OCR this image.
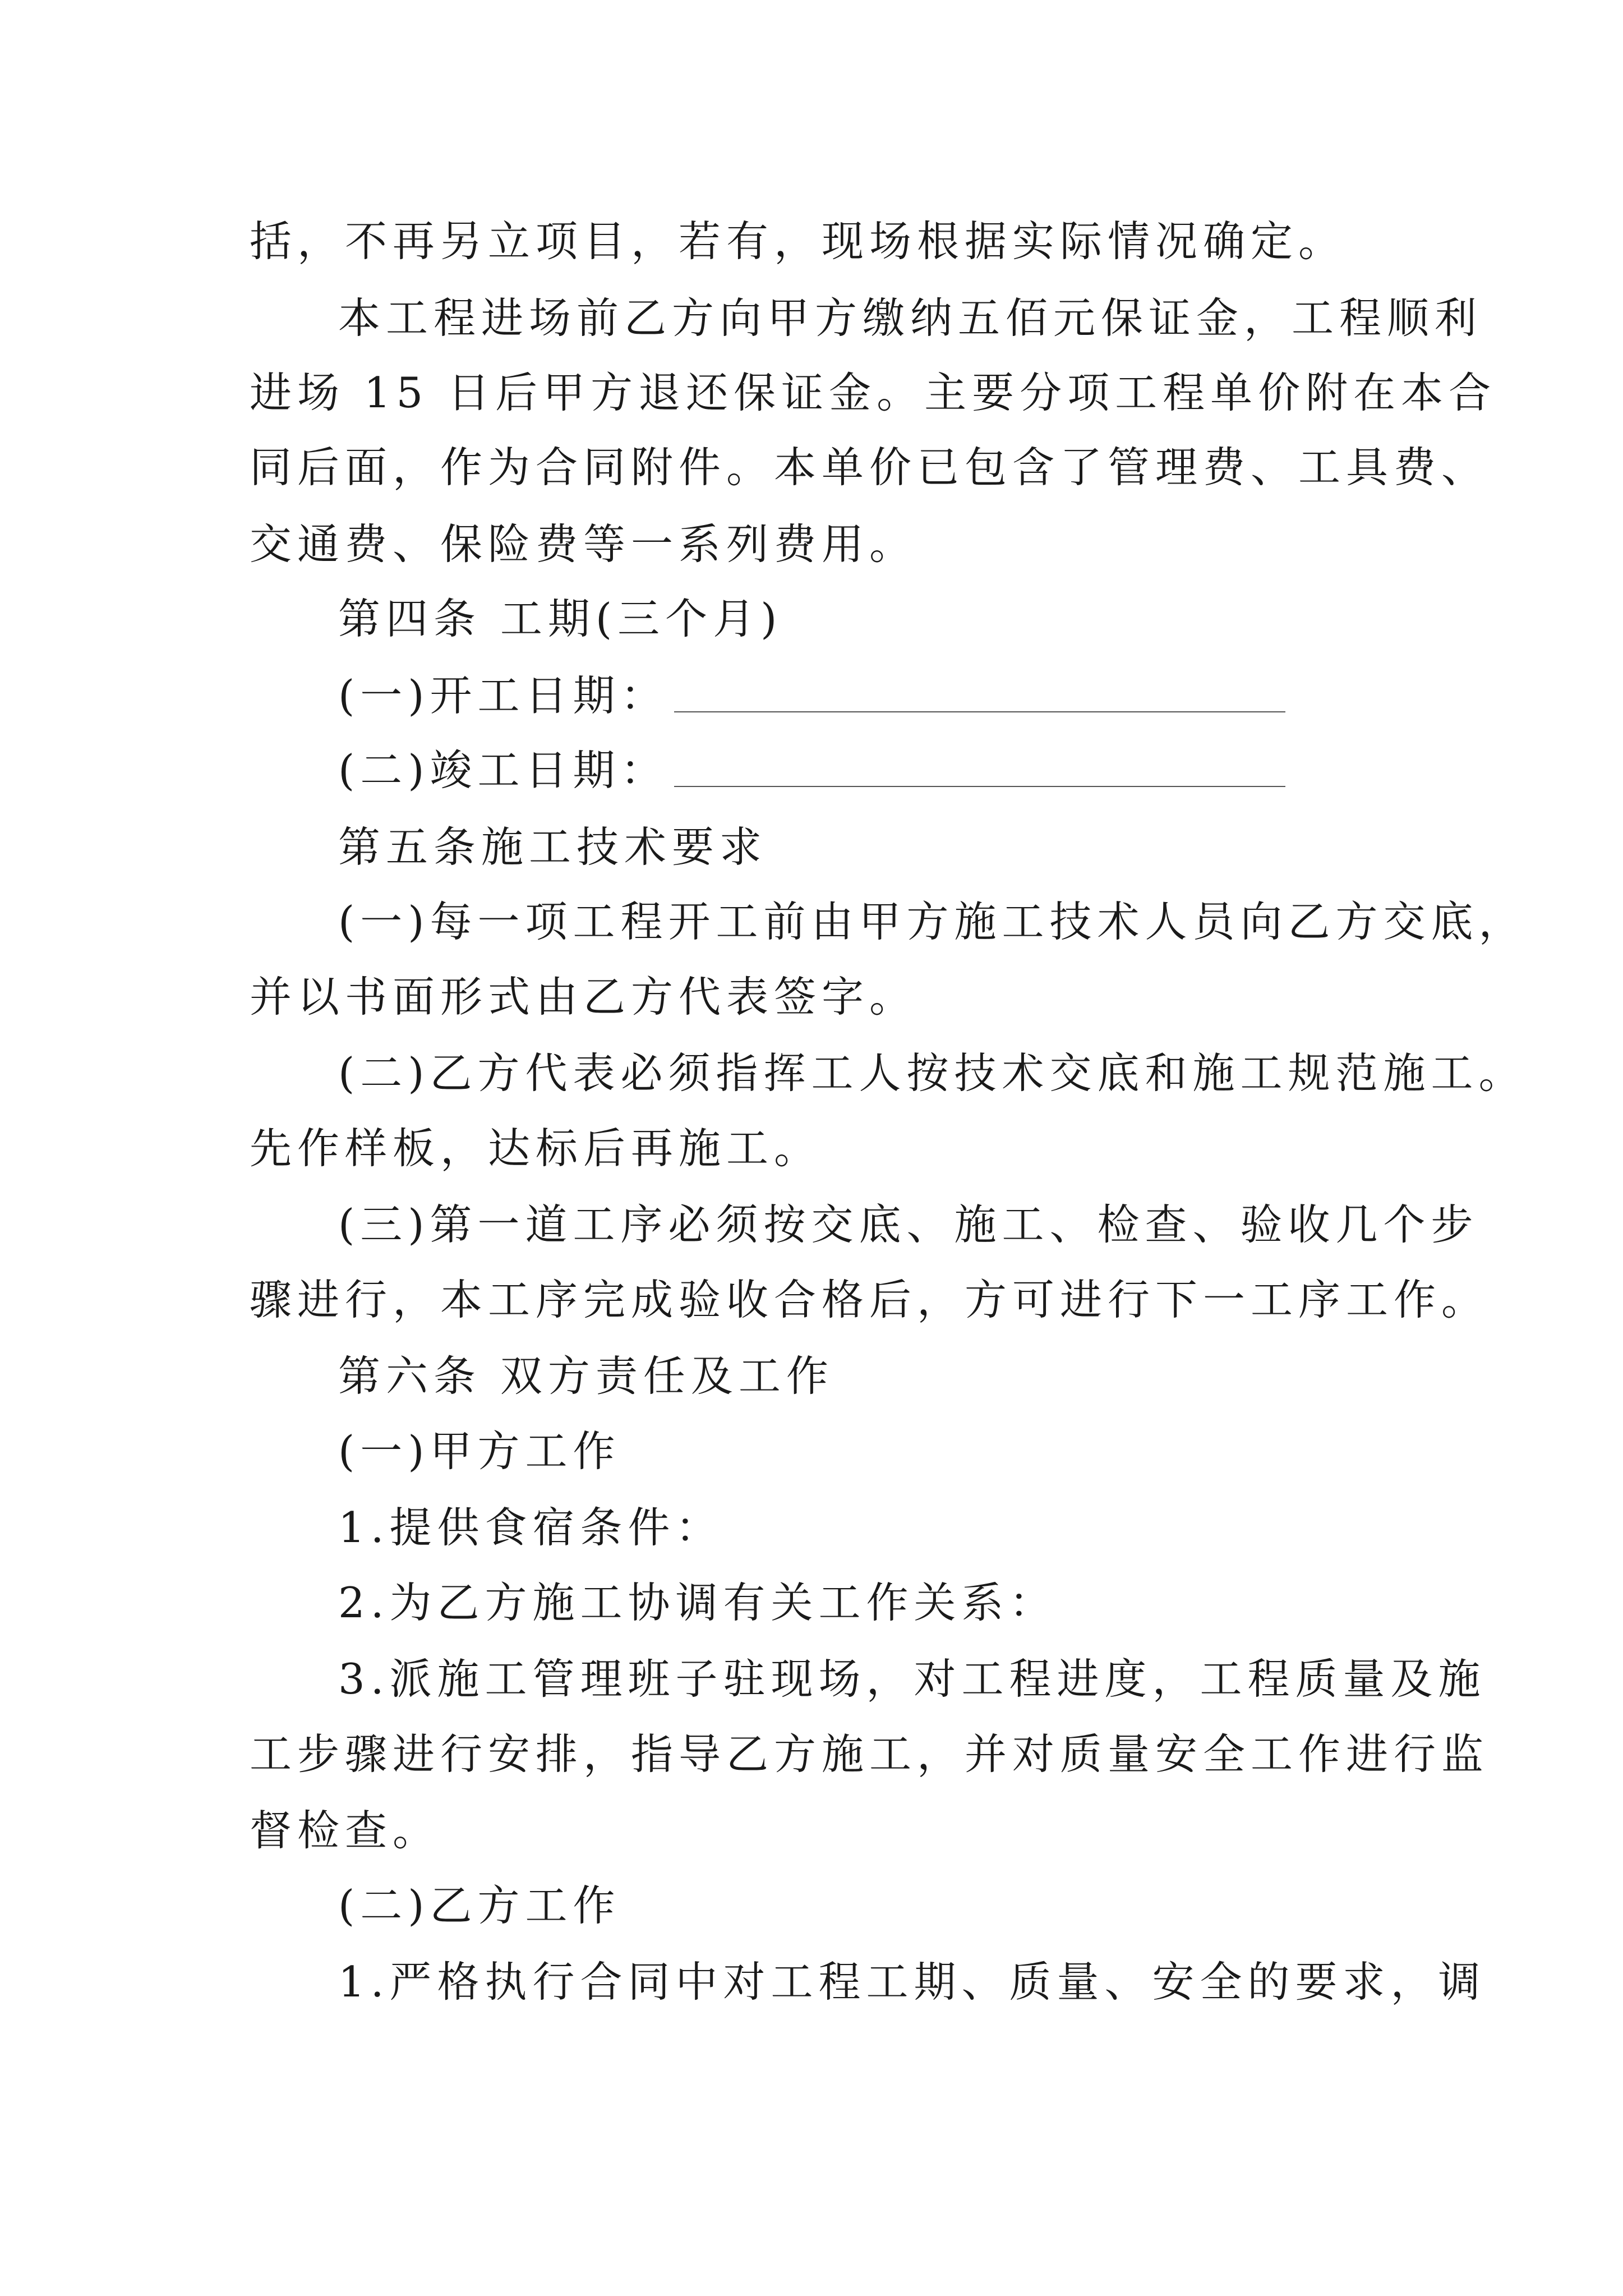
括，不再另立项目，若有，现场根据实际情况确定。
本工程进场前乙方向甲方缴纳五佰元保证金，工程顺利
进场 15 日后甲方退还保证金。主要分项工程单价附在本合
同后面，作为合同附件。本单价已包含了管理费、工具费、
交通费、保险费等一系列费用。
第四条 工期(三个月)
(一)开工日期：
(二)竣工日期：
第五条施工技术要求
(一)每一项工程开工前由甲方施工技术人员向乙方交底，
并以书面形式由乙方代表签字。
(二)乙方代表必须指挥工人按技术交底和施工规范施工。
先作样板，达标后再施工。
(三)第一道工序必须按交底、施工、检查、验收几个步
骤进行，本工序完成验收合格后，方可进行下一工序工作。
第六条 双方责任及工作
(一)甲方工作
1.提供食宿条件：
2.为乙方施工协调有关工作关系：
3.派施工管理班子驻现场，对工程进度，工程质量及施
工步骤进行安排，指导乙方施工，并对质量安全工作进行监
督检查。
(二)乙方工作
1.严格执行合同中对工程工期、质量、安全的要求，调
